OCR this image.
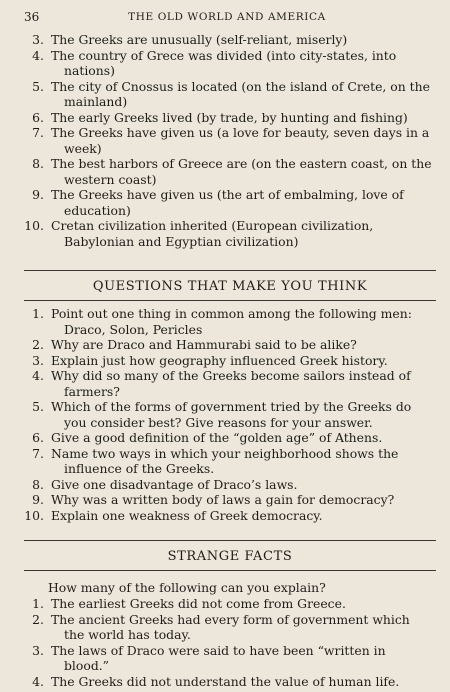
36	THE OLD WORLD AND AMERICA
3. The Greeks are unusually (self-reliant, miserly)
4. The country of Grece was divided (into city-states, into nations)
5. The city of Cnossus is located (on the island of Crete, on the mainland)
6. The early Greeks lived (by trade, by hunting and fishing)
7. The Greeks have given us (a love for beauty, seven days in a week)
8. The best harbors of Greece are (on the eastern coast, on the western coast)
9. The Greeks have given us (the art of embalming, love of education)
10. Cretan civilization inherited (European civilization, Babylonian and Egyptian civilization)
QUESTIONS THAT MAKE YOU THINK
1. Point out one thing in common among the following men: Draco, Solon, Pericles
2. Why are Draco and Hammurabi said to be alike?
3. Explain just how geography influenced Greek history.
4. Why did so many of the Greeks become sailors instead of farmers?
5. Which of the forms of government tried by the Greeks do you consider best? Give reasons for your answer.
6. Give a good definition of the “golden age” of Athens.
7. Name two ways in which your neighborhood shows the influence of the Greeks.
8. Give one disadvantage of Draco’s laws.
9. Why was a written body of laws a gain for democracy?
10. Explain one weakness of Greek democracy.
STRANGE FACTS
How many of the following can you explain?
1. The earliest Greeks did not come from Greece.
2. The ancient Greeks had every form of government which the world has today.
3. The laws of Draco were said to have been “written in blood.”
4. The Greeks did not understand the value of human life.
